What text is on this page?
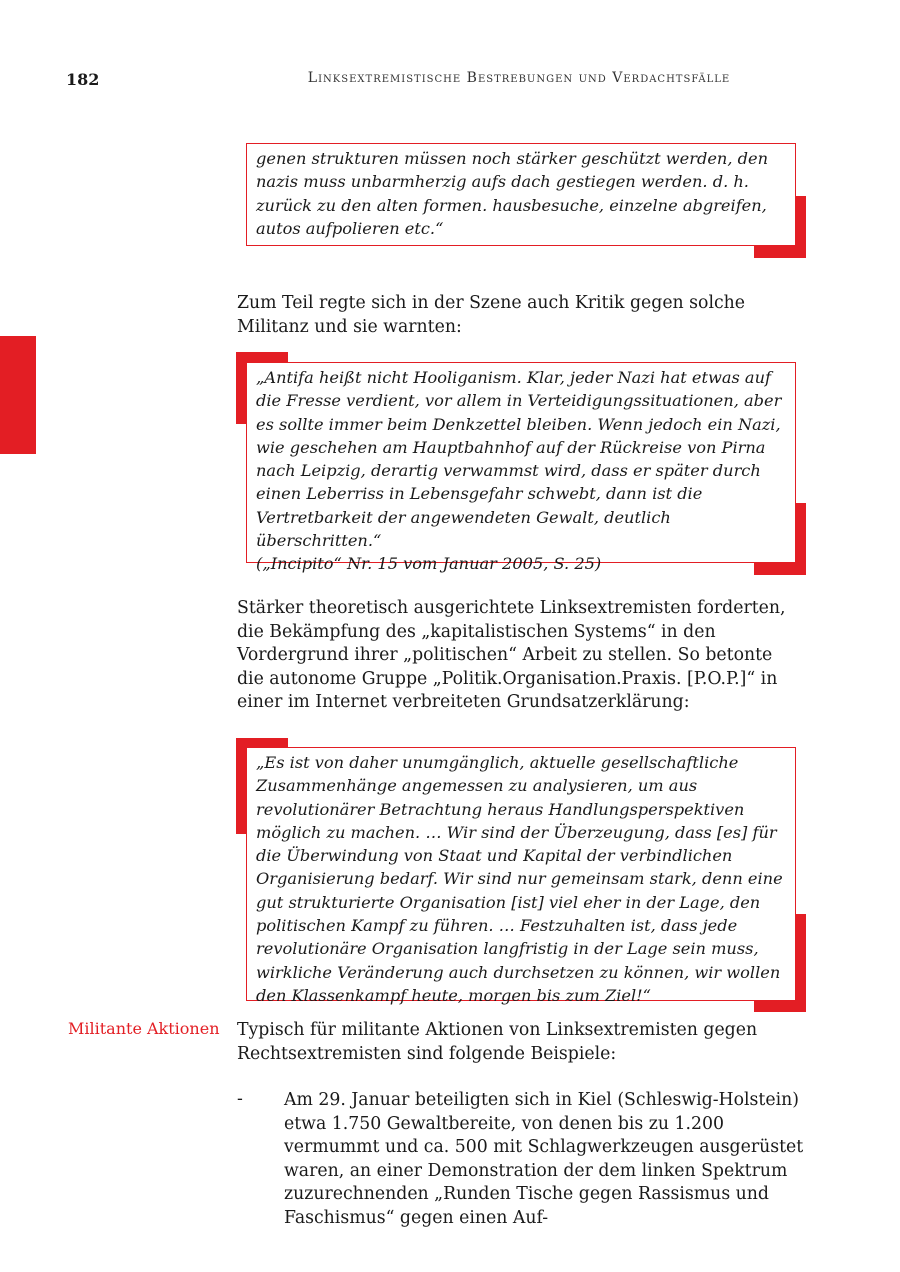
182	Linksextremistische Bestrebungen und Verdachtsfälle

genen strukturen müssen noch stärker geschützt werden, den nazis muss unbarmherzig aufs dach gestiegen werden. d. h. zurück zu den alten formen. hausbesuche, einzelne abgreifen, autos aufpolieren etc.“

Zum Teil regte sich in der Szene auch Kritik gegen solche Militanz und sie warnten:

„Antifa heißt nicht Hooliganism. Klar, jeder Nazi hat etwas auf die Fresse verdient, vor allem in Verteidigungssituationen, aber es sollte immer beim Denkzettel bleiben. Wenn jedoch ein Nazi, wie geschehen am Hauptbahnhof auf der Rückreise von Pirna nach Leipzig, derartig verwammst wird, dass er später durch einen Leberriss in Lebensgefahr schwebt, dann ist die Vertretbarkeit der angewendeten Gewalt, deutlich überschritten.“
(„Incipito“ Nr. 15 vom Januar 2005, S. 25)

Stärker theoretisch ausgerichtete Linksextremisten forderten, die Bekämpfung des „kapitalistischen Systems“ in den Vordergrund ihrer „politischen“ Arbeit zu stellen. So betonte die autonome Gruppe „Politik.Organisation.Praxis. [P.O.P.]“ in einer im Internet verbreiteten Grundsatzerklärung:

„Es ist von daher unumgänglich, aktuelle gesellschaftliche Zusammenhänge angemessen zu analysieren, um aus revolutionärer Betrachtung heraus Handlungsperspektiven möglich zu machen. … Wir sind der Überzeugung, dass [es] für die Überwindung von Staat und Kapital der verbindlichen Organisierung bedarf. Wir sind nur gemeinsam stark, denn eine gut strukturierte Organisation [ist] viel eher in der Lage, den politischen Kampf zu führen. … Festzuhalten ist, dass jede revolutionäre Organisation langfristig in der Lage sein muss, wirkliche Veränderung auch durchsetzen zu können, wir wollen den Klassenkampf heute, morgen bis zum Ziel!“

Militante Aktionen Typisch für militante Aktionen von Linksextremisten gegen Rechtsextremisten sind folgende Beispiele:

- Am 29. Januar beteiligten sich in Kiel (Schleswig-Holstein) etwa 1.750 Gewaltbereite, von denen bis zu 1.200 vermummt und ca. 500 mit Schlagwerkzeugen ausgerüstet waren, an einer Demonstration der dem linken Spektrum zuzurechnenden „Runden Tische gegen Rassismus und Faschismus“ gegen einen Auf-
